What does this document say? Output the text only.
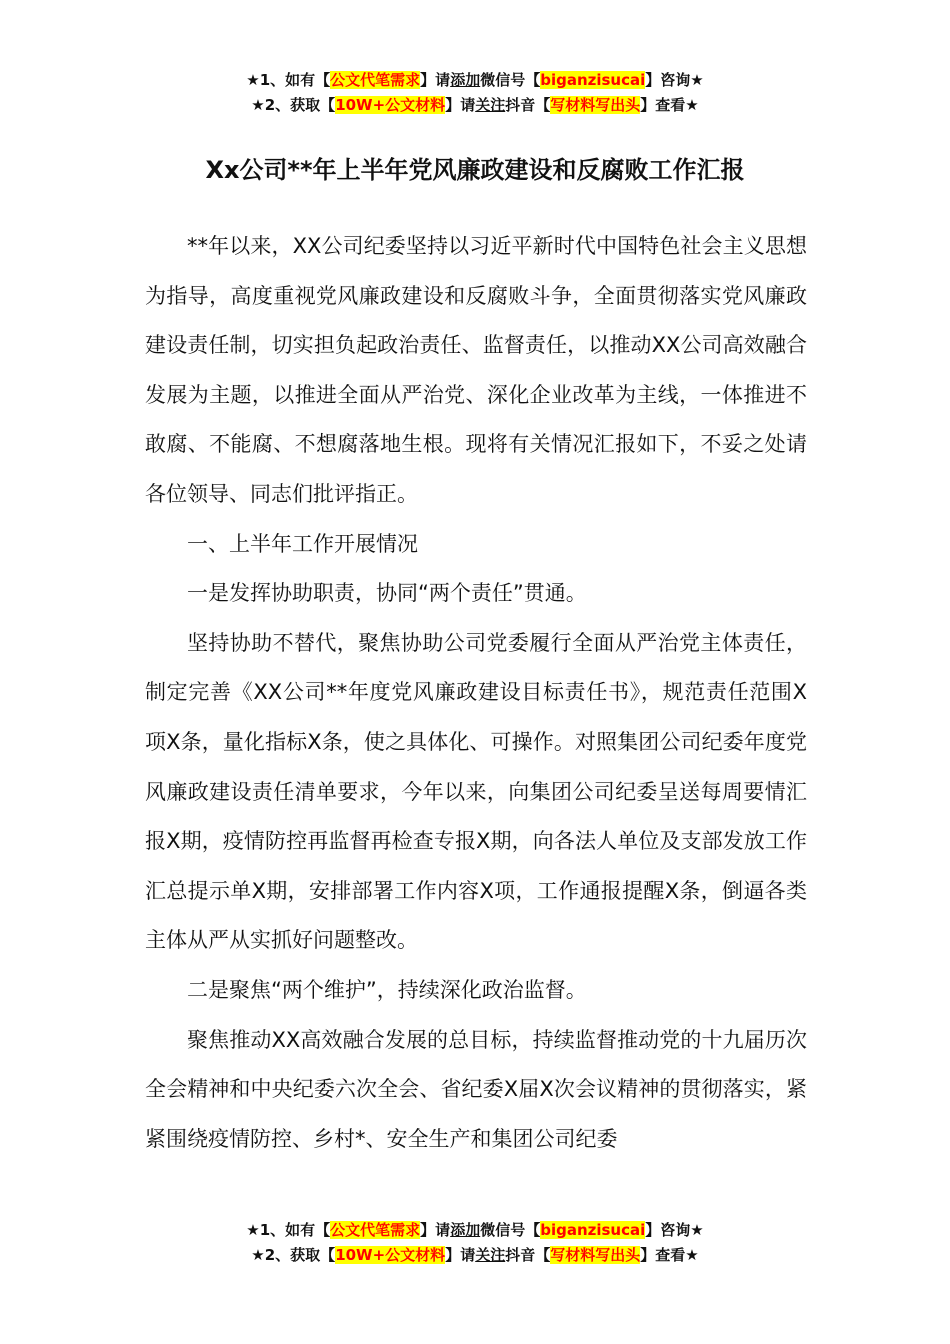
★1、如有【公文代笔需求】请添加微信号【biganzisucai】咨询★
★2、获取【10W+公文材料】请关注抖音【写材料写出头】查看★
Xx公司**年上半年党风廉政建设和反腐败工作汇报

**年以来，XX公司纪委坚持以习近平新时代中国特色社会主义思想为指导，高度重视党风廉政建设和反腐败斗争，全面贯彻落实党风廉政建设责任制，切实担负起政治责任、监督责任，以推动XX公司高效融合发展为主题，以推进全面从严治党、深化企业改革为主线，一体推进不敢腐、不能腐、不想腐落地生根。现将有关情况汇报如下，不妥之处请各位领导、同志们批评指正。

一、上半年工作开展情况

一是发挥协助职责，协同“两个责任”贯通。

坚持协助不替代，聚焦协助公司党委履行全面从严治党主体责任，制定完善《XX公司**年度党风廉政建设目标责任书》，规范责任范围X项X条，量化指标X条，使之具体化、可操作。对照集团公司纪委年度党风廉政建设责任清单要求，今年以来，向集团公司纪委呈送每周要情汇报X期，疫情防控再监督再检查专报X期，向各法人单位及支部发放工作汇总提示单X期，安排部署工作内容X项，工作通报提醒X条，倒逼各类主体从严从实抓好问题整改。

二是聚焦“两个维护”，持续深化政治监督。

聚焦推动XX高效融合发展的总目标，持续监督推动党的十九届历次全会精神和中央纪委六次全会、省纪委X届X次会议精神的贯彻落实，紧紧围绕疫情防控、乡村*、安全生产和集团公司纪委

★1、如有【公文代笔需求】请添加微信号【biganzisucai】咨询★
★2、获取【10W+公文材料】请关注抖音【写材料写出头】查看★
